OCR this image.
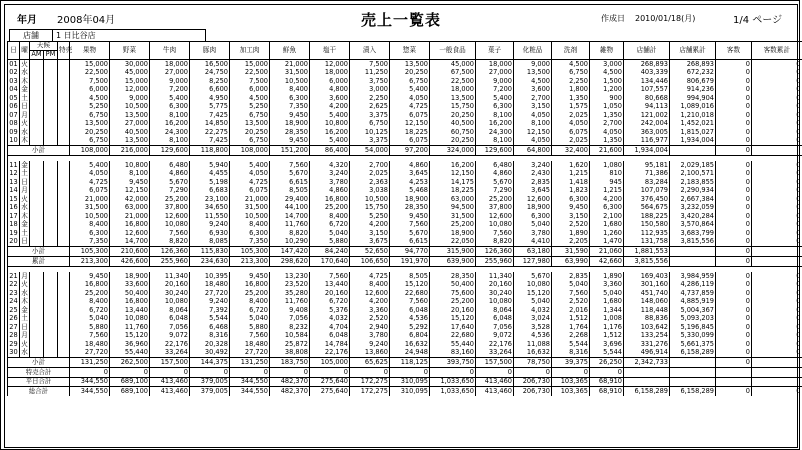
年月 2008年04月	売上一覧表	作成日 2010/01/18(月)	1/4 ページ
店舗	1 日比谷店
日	曜	天候		特売	果物	野菜	牛肉	豚肉	加工肉	鮮魚	塩干	漬入	惣菜	一般食品	菓子	化粧品	洗剤	雑物	店舗計	店舗累計	客数	客数累計
		AM	PM																			
01	火				15,000	30,000	18,000	16,500	15,000	21,000	12,000	7,500	13,500	45,000	18,000	9,000	4,500	3,000	268,893	268,893	0	0
02	水				22,500	45,000	27,000	24,750	22,500	31,500	18,000	11,250	20,250	67,500	27,000	13,500	6,750	4,500	403,339	672,232	0	0
03	木				7,500	15,000	9,000	8,250	7,500	10,500	6,000	3,750	6,750	22,500	9,000	4,500	2,250	1,500	134,446	806,679	0	0
04	金				6,000	12,000	7,200	6,600	6,000	8,400	4,800	3,000	5,400	18,000	7,200	3,600	1,800	1,200	107,557	914,236	0	0
05	土				4,500	9,000	5,400	4,950	4,500	6,300	3,600	2,250	4,050	13,500	5,400	2,700	1,350	900	80,668	994,904	0	0
06	日				5,250	10,500	6,300	5,775	5,250	7,350	4,200	2,625	4,725	15,750	6,300	3,150	1,575	1,050	94,113	1,089,016	0	0
07	月				6,750	13,500	8,100	7,425	6,750	9,450	5,400	3,375	6,075	20,250	8,100	4,050	2,025	1,350	121,002	1,210,018	0	0
08	火				13,500	27,000	16,200	14,850	13,500	18,900	10,800	6,750	12,150	40,500	16,200	8,100	4,050	2,700	242,004	1,452,021	0	0
09	水				20,250	40,500	24,300	22,275	20,250	28,350	16,200	10,125	18,225	60,750	24,300	12,150	6,075	4,050	363,005	1,815,027	0	0
10	木				6,750	13,500	8,100	7,425	6,750	9,450	5,400	3,375	6,075	20,250	8,100	4,050	2,025	1,350	116,977	1,934,004	0	0
小計					108,000	216,000	129,600	118,800	108,000	151,200	86,400	54,000	97,200	324,000	129,600	64,800	32,400	21,600	1,934,004		0	

11	金				5,400	10,800	6,480	5,940	5,400	7,560	4,320	2,700	4,860	16,200	6,480	3,240	1,620	1,080	95,181	2,029,185	0	0
12	土				4,050	8,100	4,860	4,455	4,050	5,670	3,240	2,025	3,645	12,150	4,860	2,430	1,215	810	71,386	2,100,571	0	0
13	日				4,725	9,450	5,670	5,198	4,725	6,615	3,780	2,363	4,253	14,175	5,670	2,835	1,418	945	83,284	2,183,855	0	0
14	月				6,075	12,150	7,290	6,683	6,075	8,505	4,860	3,038	5,468	18,225	7,290	3,645	1,823	1,215	107,079	2,290,934	0	0
15	火				21,000	42,000	25,200	23,100	21,000	29,400	16,800	10,500	18,900	63,000	25,200	12,600	6,300	4,200	376,450	2,667,384	0	0
16	水				31,500	63,000	37,800	34,650	31,500	44,100	25,200	15,750	28,350	94,500	37,800	18,900	9,450	6,300	564,675	3,232,059	0	0
17	木				10,500	21,000	12,600	11,550	10,500	14,700	8,400	5,250	9,450	31,500	12,600	6,300	3,150	2,100	188,225	3,420,284	0	0
18	金				8,400	16,800	10,080	9,240	8,400	11,760	6,720	4,200	7,560	25,200	10,080	5,040	2,520	1,680	150,580	3,570,864	0	0
19	土				6,300	12,600	7,560	6,930	6,300	8,820	5,040	3,150	5,670	18,900	7,560	3,780	1,890	1,260	112,935	3,683,799	0	0
20	日				7,350	14,700	8,820	8,085	7,350	10,290	5,880	3,675	6,615	22,050	8,820	4,410	2,205	1,470	131,758	3,815,556	0	0
小計					105,300	210,600	126,360	115,830	105,300	147,420	84,240	52,650	94,770	315,900	126,360	63,180	31,590	21,060	1,881,553		0	
累計					213,300	426,600	255,960	234,630	213,300	298,620	170,640	106,650	191,970	639,900	255,960	127,980	63,990	42,660	3,815,556		0	

21	月				9,450	18,900	11,340	10,395	9,450	13,230	7,560	4,725	8,505	28,350	11,340	5,670	2,835	1,890	169,403	3,984,959	0	0
22	火				16,800	33,600	20,160	18,480	16,800	23,520	13,440	8,400	15,120	50,400	20,160	10,080	5,040	3,360	301,160	4,286,119	0	0
23	水				25,200	50,400	30,240	27,720	25,200	35,280	20,160	12,600	22,680	75,600	30,240	15,120	7,560	5,040	451,740	4,737,859	0	0
24	木				8,400	16,800	10,080	9,240	8,400	11,760	6,720	4,200	7,560	25,200	10,080	5,040	2,520	1,680	148,060	4,885,919	0	0
25	金				6,720	13,440	8,064	7,392	6,720	9,408	5,376	3,360	6,048	20,160	8,064	4,032	2,016	1,344	118,448	5,004,367	0	0
26	土				5,040	10,080	6,048	5,544	5,040	7,056	4,032	2,520	4,536	15,120	6,048	3,024	1,512	1,008	88,836	5,093,203	0	0
27	日				5,880	11,760	7,056	6,468	5,880	8,232	4,704	2,940	5,292	17,640	7,056	3,528	1,764	1,176	103,642	5,196,845	0	0
28	月				7,560	15,120	9,072	8,316	7,560	10,584	6,048	3,780	6,804	22,680	9,072	4,536	2,268	1,512	133,254	5,330,099	0	0
29	火				18,480	36,960	22,176	20,328	18,480	25,872	14,784	9,240	16,632	55,440	22,176	11,088	5,544	3,696	331,276	5,661,375	0	0
30	水				27,720	55,440	33,264	30,492	27,720	38,808	22,176	13,860	24,948	83,160	33,264	16,632	8,316	5,544	496,914	6,158,289	0	0
小計					131,250	262,500	157,500	144,375	131,250	183,750	105,000	65,625	118,125	393,750	157,500	78,750	39,375	26,250	2,342,733		0	
特売合計					0	0	0	0	0	0	0	0	0	0	0	0	0	0				
平日合計					344,550	689,100	413,460	379,005	344,550	482,370	275,640	172,275	310,095	1,033,650	413,460	206,730	103,365	68,910				
総合計					344,550	689,100	413,460	379,005	344,550	482,370	275,640	172,275	310,095	1,033,650	413,460	206,730	103,365	68,910	6,158,289	6,158,289	0	0
